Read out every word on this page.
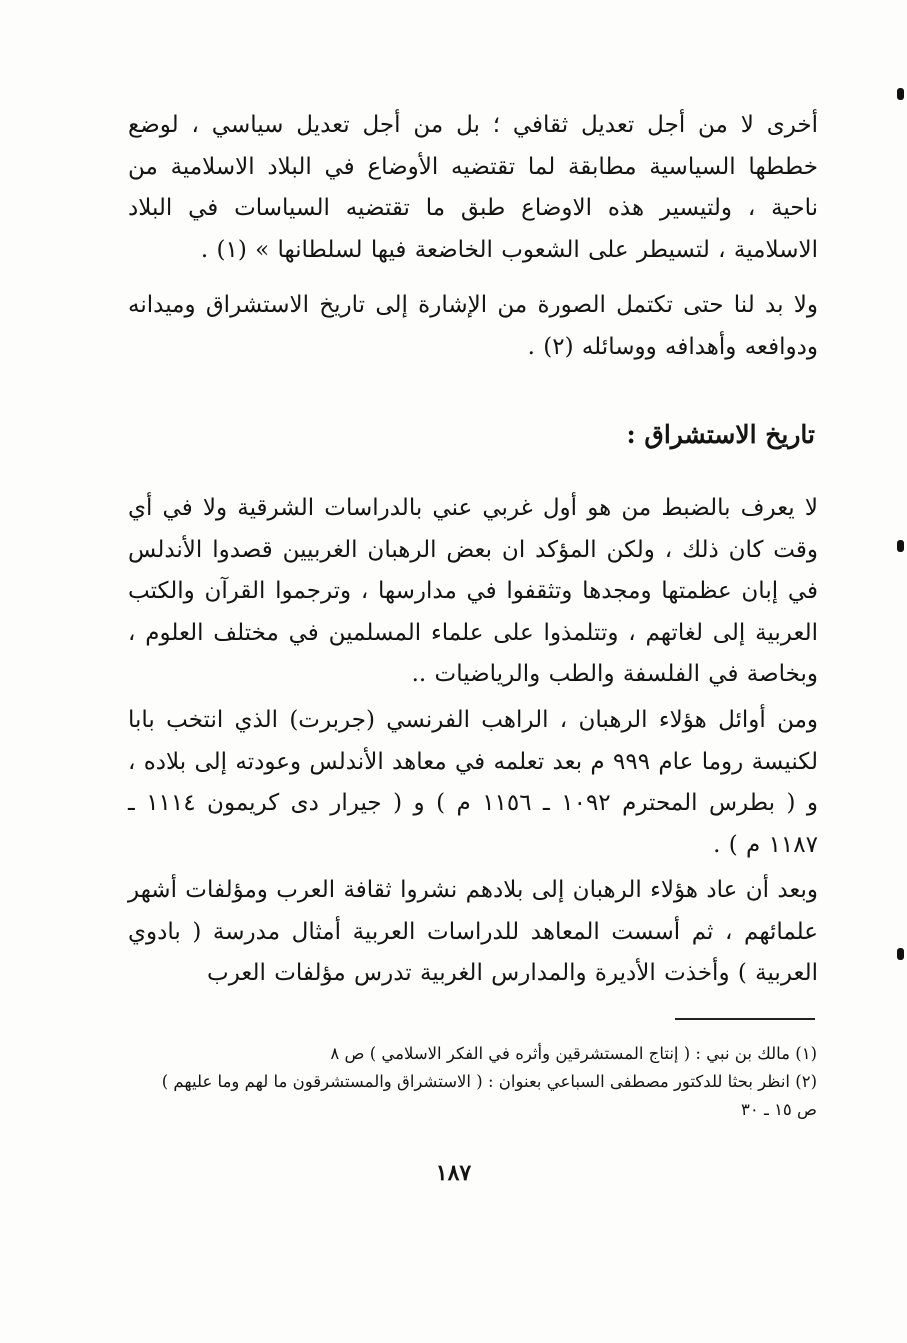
أخرى لا من أجل تعديل ثقافي ؛ بل من أجل تعديل سياسي ، لوضع خططها السياسية مطابقة لما تقتضيه الأوضاع في البلاد الاسلامية من ناحية ، ولتيسير هذه الاوضاع طبق ما تقتضيه السياسات في البلاد الاسلامية ، لتسيطر على الشعوب الخاضعة فيها لسلطانها » (١) .

ولا بد لنا حتى تكتمل الصورة من الإشارة إلى تاريخ الاستشراق وميدانه ودوافعه وأهدافه ووسائله (٢) .

تاريخ الاستشراق :

لا يعرف بالضبط من هو أول غربي عني بالدراسات الشرقية ولا في أي وقت كان ذلك ، ولكن المؤكد ان بعض الرهبان الغربيين قصدوا الأندلس في إبان عظمتها ومجدها وتثقفوا في مدارسها ، وترجموا القرآن والكتب العربية إلى لغاتهم ، وتتلمذوا على علماء المسلمين في مختلف العلوم ، وبخاصة في الفلسفة والطب والرياضيات ..

ومن أوائل هؤلاء الرهبان ، الراهب الفرنسي (جربرت) الذي انتخب بابا لكنيسة روما عام ٩٩٩ م بعد تعلمه في معاهد الأندلس وعودته إلى بلاده ، و ( بطرس المحترم ١٠٩٢ ـ ١١٥٦ م ) و ( جيرار دى كريمون ١١١٤ ـ ١١٨٧ م ) .

وبعد أن عاد هؤلاء الرهبان إلى بلادهم نشروا ثقافة العرب ومؤلفات أشهر علمائهم ، ثم أسست المعاهد للدراسات العربية أمثال مدرسة ( بادوي العربية ) وأخذت الأديرة والمدارس الغربية تدرس مؤلفات العرب

(١) مالك بن نبي : ( إنتاج المستشرقين وأثره في الفكر الاسلامي ) ص ٨
(٢) انظر بحثا للدكتور مصطفى السباعي بعنوان : ( الاستشراق والمستشرقون ما لهم وما عليهم ) ص ١٥ ـ ٣٠
١٨٧
